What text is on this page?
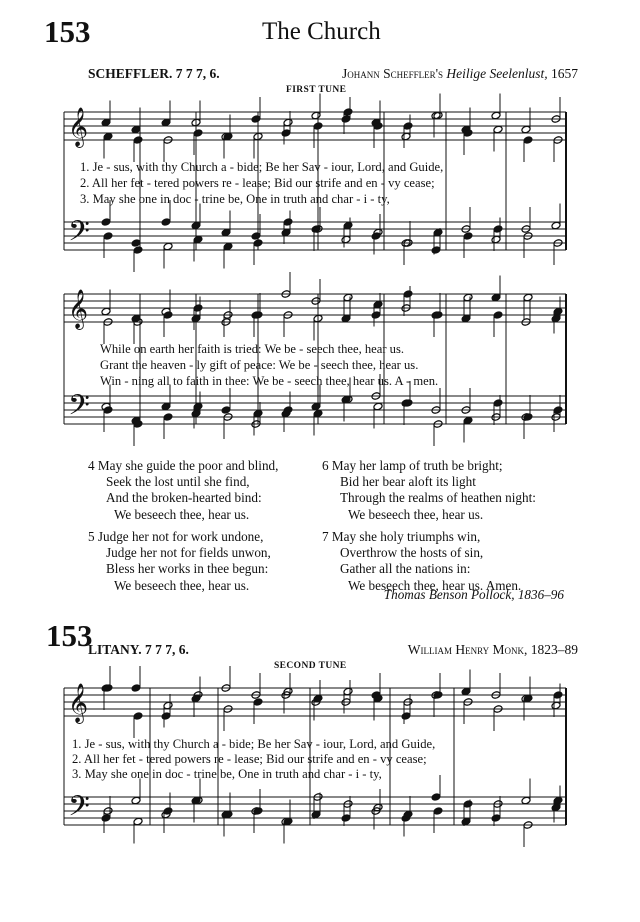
153	The Church
SCHEFFLER. 7 7 7, 6.	Johann Scheffler's Heiligе Seelenlust, 1657
FIRST TUNE
𝄞
𝄢
𝄞
𝄢
𝄞
𝄢
1. Je - sus, with thy Church a - bide; Be her Sav - iour, Lord, and Guide,
2. All her fet - tered powers re - lease; Bid our strife and en - vy cease;
3. May she one in doc - trine be, One in truth and char - i - ty,
While on earth her faith is tried: We be - seech thee, hear us.
Grant the heaven - ly gift of peace: We be - seech thee, hear us.
Win - ning all to faith in thee: We be - seech thee, hear us. A - men.
4 May she guide the poor and blind,
Seek the lost until she find,
And the broken-hearted bind:
We beseech thee, hear us.
6 May her lamp of truth be bright;
Bid her bear aloft its light
Through the realms of heathen night:
We beseech thee, hear us.
5 Judge her not for work undone,
Judge her not for fields unwon,
Bless her works in thee begun:
We beseech thee, hear us.
7 May she holy triumphs win,
Overthrow the hosts of sin,
Gather all the nations in:
We beseech thee, hear us. Amen.
Thomas Benson Pollock, 1836–96
153
LITANY. 7 7 7, 6.	William Henry Monk, 1823–89
SECOND TUNE
1. Je - sus, with thy Church a - bide; Be her Sav - iour, Lord, and Guide,
2. All her fet - tered powers re - lease; Bid our strife and en - vy cease;
3. May she one in doc - trine be, One in truth and char - i - ty,
